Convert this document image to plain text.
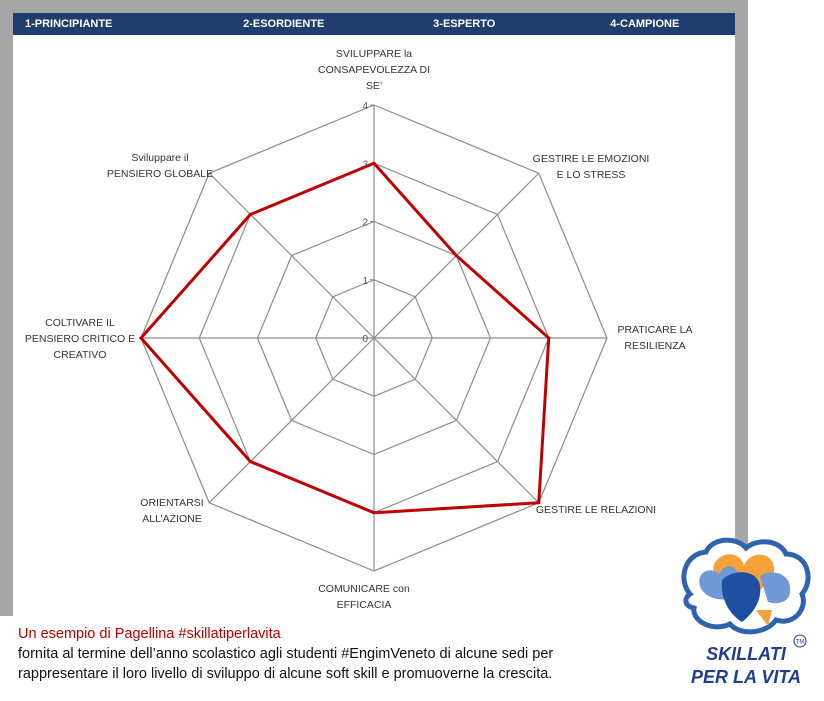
1-PRINCIPIANTE	2-ESORDIENTE	3-ESPERTO	4-CAMPIONE
0
1
2
3
4
SVILUPPARE la CONSAPEVOLEZZA DI SE’
GESTIRE LE EMOZIONI E LO STRESS
PRATICARE LA RESILIENZA
GESTIRE LE RELAZIONI
COMUNICARE con EFFICACIA
ORIENTARSI ALL’AZIONE
COLTIVARE IL PENSIERO CRITICO E CREATIVO
Sviluppare il PENSIERO GLOBALE
Un esempio di Pagellina #skillatiperlavita
fornita al termine dell’anno scolastico agli studenti #EngimVeneto di alcune sedi per
rappresentare il loro livello di sviluppo di alcune soft skill e promuoverne la crescita.
SKILLATI
PER LA VITA
TM
